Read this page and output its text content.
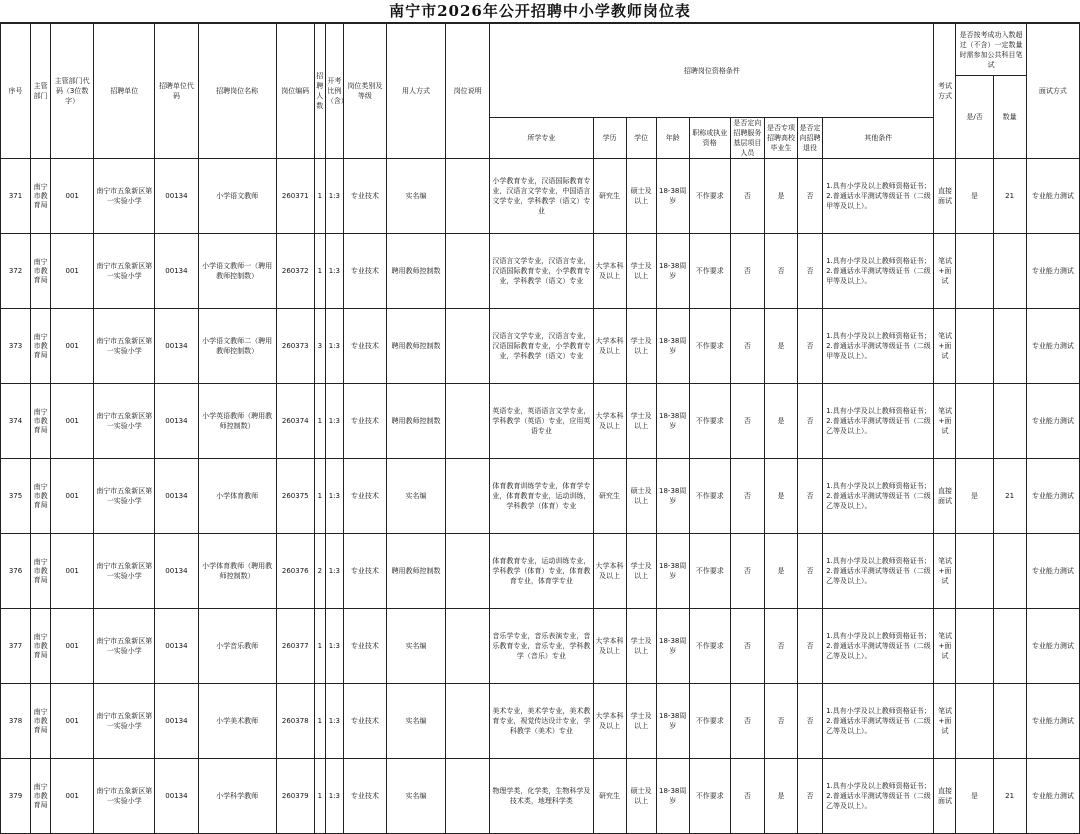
南宁市2026年公开招聘中小学教师岗位表
序号	主管部门	主管部门代码（3位数字）	招聘单位	招聘单位代码	招聘岗位名称	岗位编码	招聘人数	开考比例（含）	岗位类别及等级	用人方式	岗位说明	招聘岗位资格条件									考试方式	是否按考成功入数超过（不含）一定数量时需参加公共科目笔试		面试方式
																						是/否	数量	
												所学专业	学历	学位	年龄	职称或执业资格	是否定向招聘服务基层项目人员	是否专项招聘高校毕业生	是否定向招聘退役	其他条件				
371	南宁市教育局	001	南宁市五象新区第一实验小学	00134	小学语文教师	260371	1	1:3	专业技术	实名编		小学教育专业，汉语国际教育专业，汉语言文学专业，中国语言文学专业，学科教学（语文）专业	研究生	硕士及以上	18-38周岁	不作要求	否	是	否	1.具有小学及以上教师资格证书；
2.普通话水平测试等级证书（二级甲等及以上）。	直接面试	是	21	专业能力测试
372	南宁市教育局	001	南宁市五象新区第一实验小学	00134	小学语文教师一（聘用教师控制数）	260372	1	1:3	专业技术	聘用教师控制数		汉语言文学专业，汉语言专业，汉语国际教育专业，小学教育专业，学科教学（语文）专业	大学本科及以上	学士及以上	18-38周岁	不作要求	否	否	否	1.具有小学及以上教师资格证书；
2.普通话水平测试等级证书（二级甲等及以上）。	笔试+面试			专业能力测试
373	南宁市教育局	001	南宁市五象新区第一实验小学	00134	小学语文教师二（聘用教师控制数）	260373	3	1:3	专业技术	聘用教师控制数		汉语言文学专业，汉语言专业，汉语国际教育专业，小学教育专业，学科教学（语文）专业	大学本科及以上	学士及以上	18-38周岁	不作要求	否	是	否	1.具有小学及以上教师资格证书；
2.普通话水平测试等级证书（二级甲等及以上）。	笔试+面试			专业能力测试
374	南宁市教育局	001	南宁市五象新区第一实验小学	00134	小学英语教师（聘用教师控制数）	260374	1	1:3	专业技术	聘用教师控制数		英语专业，英语语言文学专业，学科教学（英语）专业，应用英语专业	大学本科及以上	学士及以上	18-38周岁	不作要求	否	是	否	1.具有小学及以上教师资格证书；
2.普通话水平测试等级证书（二级乙等及以上）。	笔试+面试			专业能力测试
375	南宁市教育局	001	南宁市五象新区第一实验小学	00134	小学体育教师	260375	1	1:3	专业技术	实名编		体育教育训练学专业，体育学专业，体育教育专业，运动训练，学科教学（体育）专业	研究生	硕士及以上	18-38周岁	不作要求	否	是	否	1.具有小学及以上教师资格证书；
2.普通话水平测试等级证书（二级乙等及以上）。	直接面试	是	21	专业能力测试
376	南宁市教育局	001	南宁市五象新区第一实验小学	00134	小学体育教师（聘用教师控制数）	260376	2	1:3	专业技术	聘用教师控制数		体育教育专业，运动训练专业，学科教学（体育）专业，体育教育专业，体育学专业	大学本科及以上	学士及以上	18-38周岁	不作要求	否	是	否	1.具有小学及以上教师资格证书；
2.普通话水平测试等级证书（二级乙等及以上）。	笔试+面试			专业能力测试
377	南宁市教育局	001	南宁市五象新区第一实验小学	00134	小学音乐教师	260377	1	1:3	专业技术	实名编		音乐学专业，音乐表演专业，音乐教育专业，音乐专业，学科教学（音乐）专业	大学本科及以上	学士及以上	18-38周岁	不作要求	否	否	否	1.具有小学及以上教师资格证书；
2.普通话水平测试等级证书（二级乙等及以上）。	笔试+面试			专业能力测试
378	南宁市教育局	001	南宁市五象新区第一实验小学	00134	小学美术教师	260378	1	1:3	专业技术	实名编		美术专业，美术学专业，美术教育专业，视觉传达设计专业，学科教学（美术）专业	大学本科及以上	学士及以上	18-38周岁	不作要求	否	否	否	1.具有小学及以上教师资格证书；
2.普通话水平测试等级证书（二级乙等及以上）。	笔试+面试			专业能力测试
379	南宁市教育局	001	南宁市五象新区第一实验小学	00134	小学科学教师	260379	1	1:3	专业技术	实名编		物理学类，化学类，生物科学及技术类，地理科学类	研究生	硕士及以上	18-38周岁	不作要求	否	是	否	1.具有小学及以上教师资格证书；
2.普通话水平测试等级证书（二级乙等及以上）。	直接面试	是	21	专业能力测试
